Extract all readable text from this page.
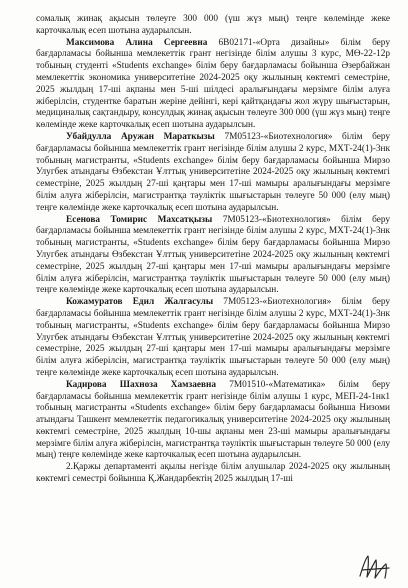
сомалық жинақ ақысын төлеуге 300 000 (үш жүз мың) теңге көлемінде жеке карточкалық есеп шотына аударылсын.

Максимова Алина Сергеевна 6В02171-«Орта дизайны» білім беру бағдарламасы бойынша мемлекеттік грант негізінде білім алушы 3 курс, МӨ-22-12р тобының студенті «Students exchange» білім беру бағдарламасы бойынша Әзербайжан мемлекеттік экономика университетіне 2024-2025 оқу жылының көктемгі семестріне, 2025 жылдың 17-ші ақпаны мен 5-ші шілдесі аралығындағы мерзімге білім алуға жіберілсін, студентке баратын жеріне дейінгі, кері қайтқандағы жол жүру шығыстарын, медициналық сақтандыру, консулдық жинақ ақысын төлеуге 300 000 (үш жүз мың) теңге көлемінде жеке карточкалық есеп шотына аударылсын.

Убайдулла Аружан Мараткызы 7М05123-«Биотехнология» білім беру бағдарламасы бойынша мемлекеттік грант негізінде білім алушы 2 курс, МХТ-24(1)-3нк тобының магистранты, «Students exchange» білім беру бағдарламасы бойынша Мирзо Улугбек атындағы Өзбекстан Ұлттық университетіне 2024-2025 оқу жылының көктемгі семестріне, 2025 жылдың 27-ші қаңтары мен 17-ші мамыры аралығындағы мерзімге білім алуға жіберілсін, магистрантқа тәуліктік шығыстарын төлеуге 50 000 (елу мың) теңге көлемінде жеке карточкалық есеп шотына аударылсын.

Есенова Томирис Махсатқызы 7М05123-«Биотехнология» білім беру бағдарламасы бойынша мемлекеттік грант негізінде білім алушы 2 курс, МХТ-24(1)-3нк тобының магистранты, «Students exchange» білім беру бағдарламасы бойынша Мирзо Улугбек атындағы Өзбекстан Ұлттық университетіне 2024-2025 оқу жылының көктемгі семестріне, 2025 жылдың 27-ші қаңтары мен 17-ші мамыры аралығындағы мерзімге білім алуға жіберілсін, магистрантқа тәуліктік шығыстарын төлеуге 50 000 (елу мың) теңге көлемінде жеке карточкалық есеп шотына аударылсын.

Кожамуратов Едил Жалгасулы 7М05123-«Биотехнология» білім беру бағдарламасы бойынша мемлекеттік грант негізінде білім алушы 2 курс, МХТ-24(1)-3нк тобының магистранты, «Students exchange» білім беру бағдарламасы бойынша Мирзо Улугбек атындағы Өзбекстан Ұлттық университетіне 2024-2025 оқу жылының көктемгі семестріне, 2025 жылдың 27-ші қаңтары мен 17-ші мамыры аралығындағы мерзімге білім алуға жіберілсін, магистрантқа тәуліктік шығыстарын төлеуге 50 000 (елу мың) теңге көлемінде жеке карточкалық есеп шотына аударылсын.

Кадирова Шахноза Хамзаевна 7М01510-«Математика» білім беру бағдарламасы бойынша мемлекеттік грант негізінде білім алушы 1 курс, МЕП-24-1нк1 тобының магистранты «Students exchange» білім беру бағдарламасы бойынша Низоми атындағы Ташкент мемлекеттік педагогикалық университетіне 2024-2025 оқу жылының көктемгі семестріне, 2025 жылдың 10-шы ақпаны мен 23-ші мамыры аралығындағы мерзімге білім алуға жіберілсін, магистрантқа тәуліктік шығыстарын төлеуге 50 000 (елу мың) теңге көлемінде жеке карточкалық есеп шотына аударылсын.

2.Қаржы департаменті ақылы негізде білім алушылар 2024-2025 оқу жылының көктемгі семестрі бойынша Қ.Жандарбектің 2025 жылдың 17-ші
